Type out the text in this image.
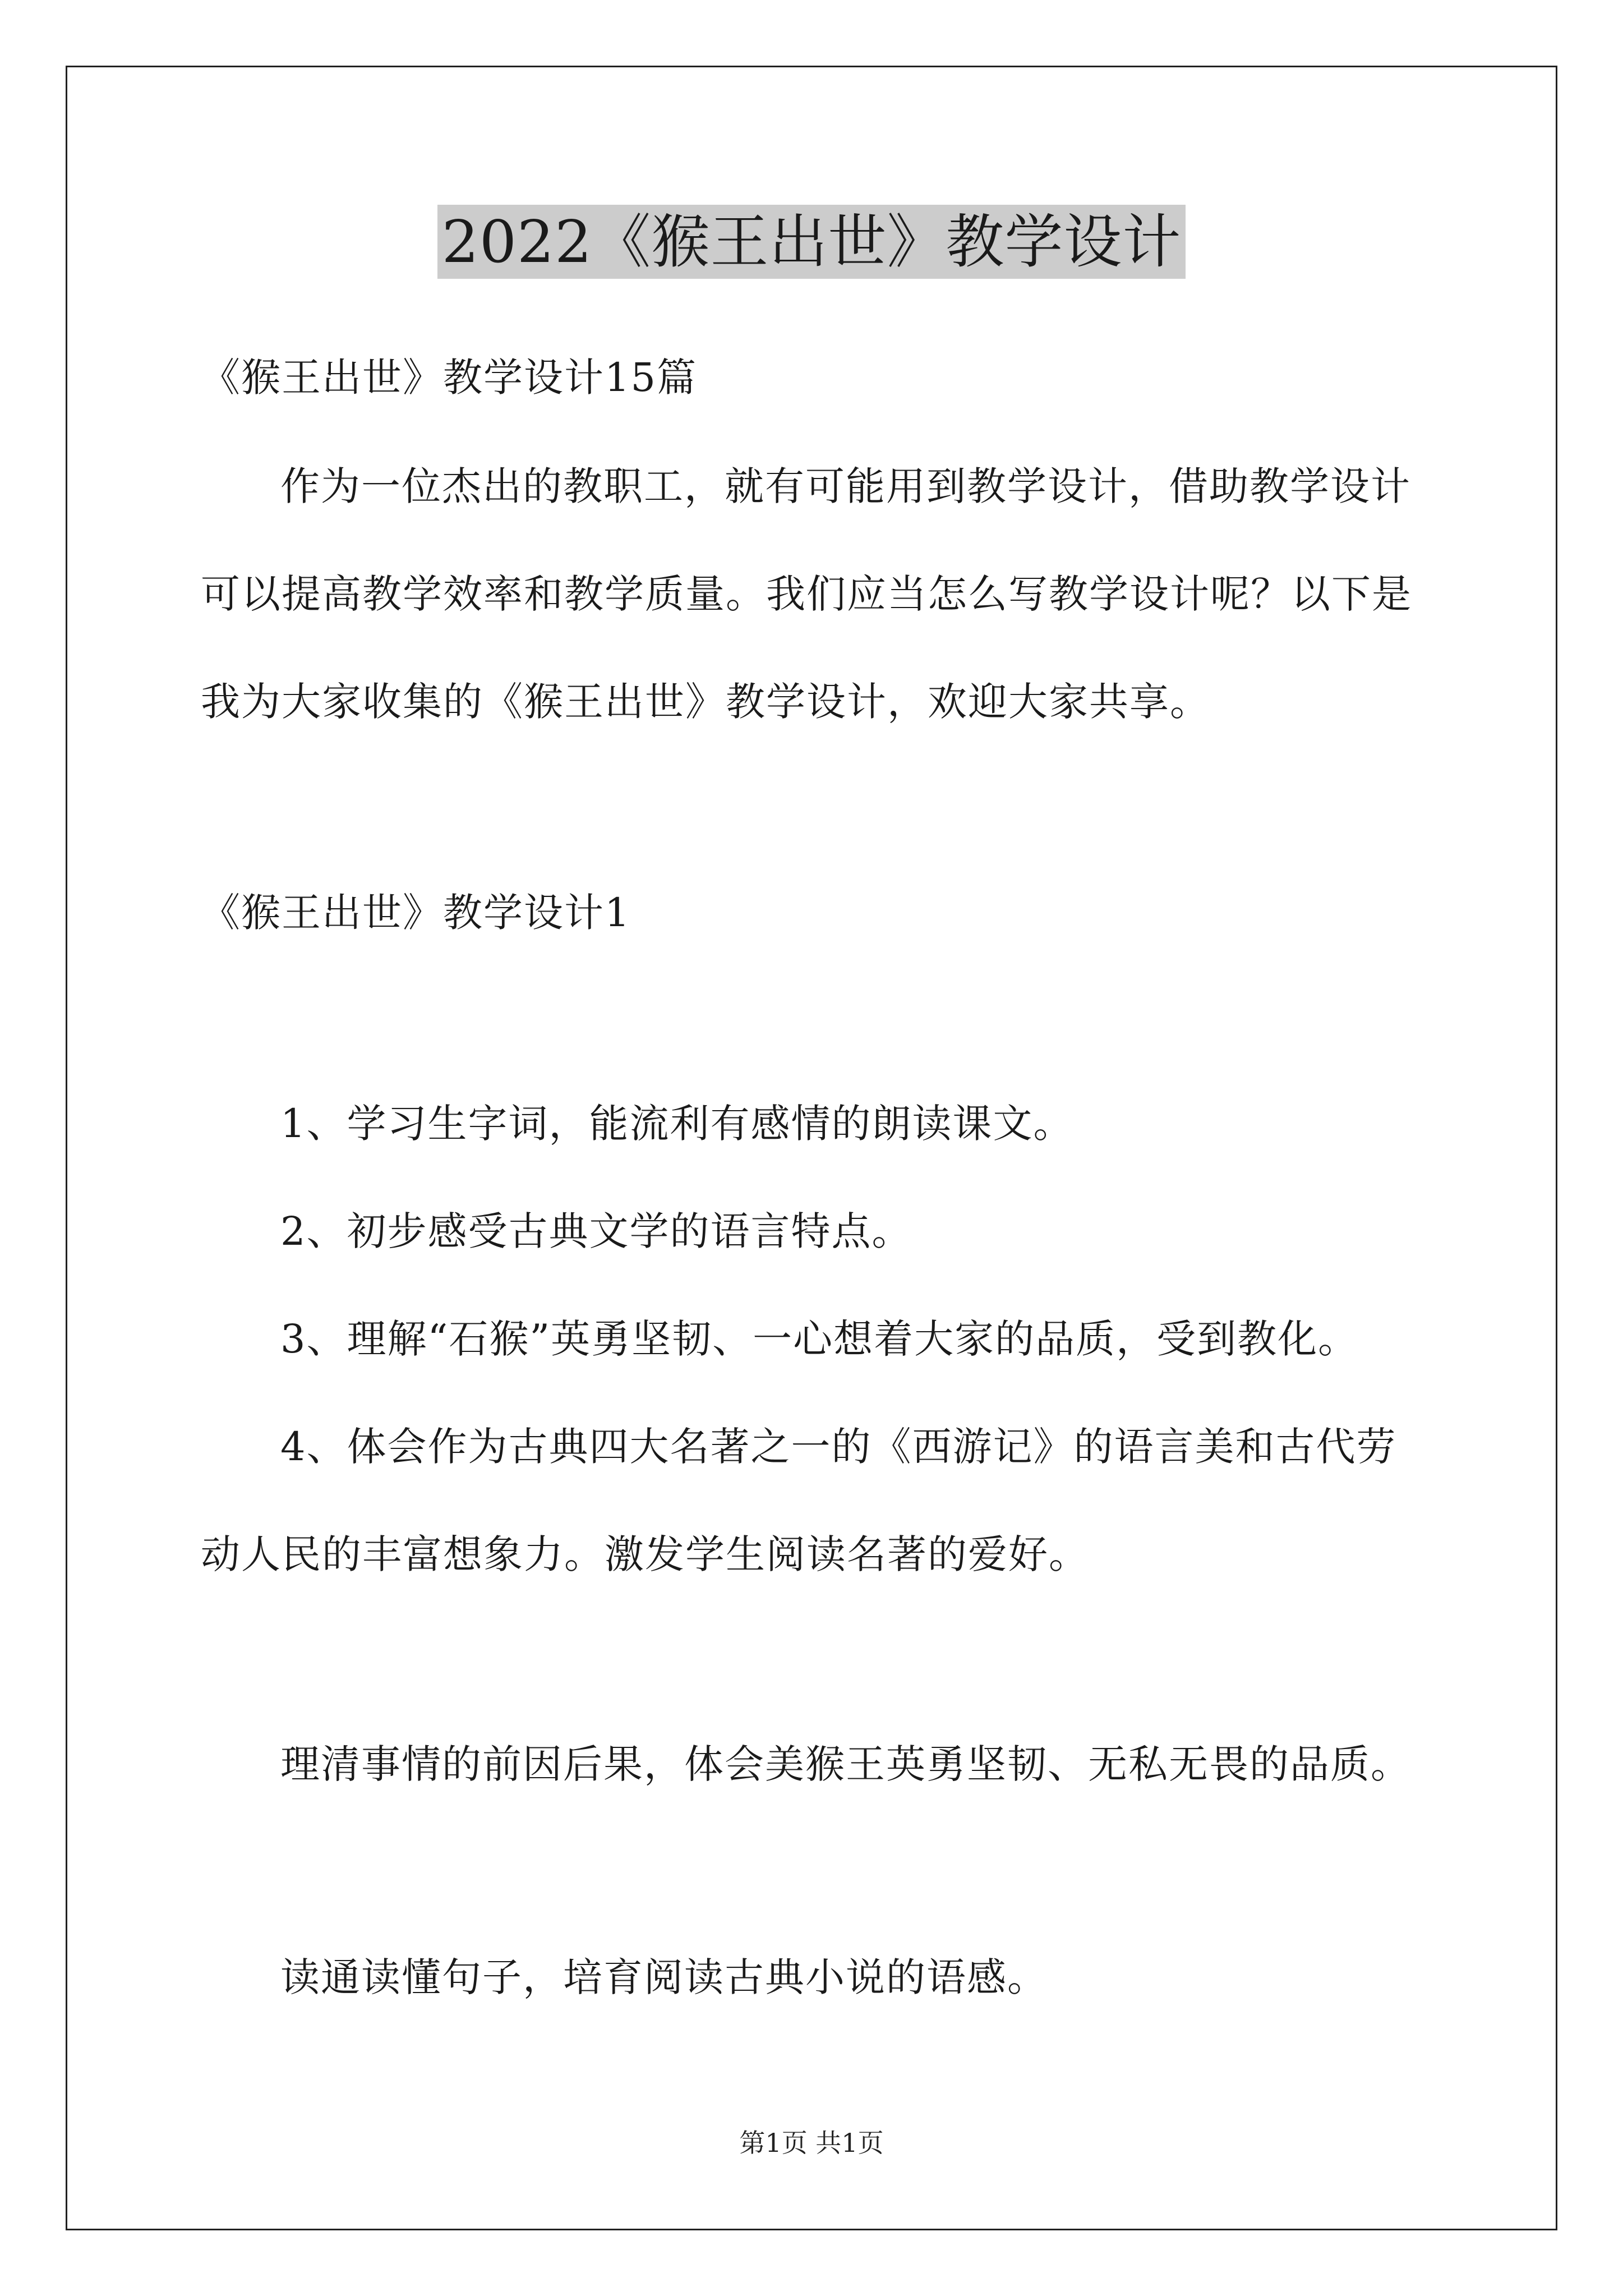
2022《猴王出世》教学设计
《猴王出世》教学设计15篇
作为一位杰出的教职工，就有可能用到教学设计，借助教学设计
可以提高教学效率和教学质量。我们应当怎么写教学设计呢？以下是
我为大家收集的《猴王出世》教学设计，欢迎大家共享。
《猴王出世》教学设计1
1、学习生字词，能流利有感情的朗读课文。
2、初步感受古典文学的语言特点。
3、理解“石猴”英勇坚韧、一心想着大家的品质，受到教化。
4、体会作为古典四大名著之一的《西游记》的语言美和古代劳
动人民的丰富想象力。激发学生阅读名著的爱好。
理清事情的前因后果，体会美猴王英勇坚韧、无私无畏的品质。
读通读懂句子，培育阅读古典小说的语感。
第1页 共1页
